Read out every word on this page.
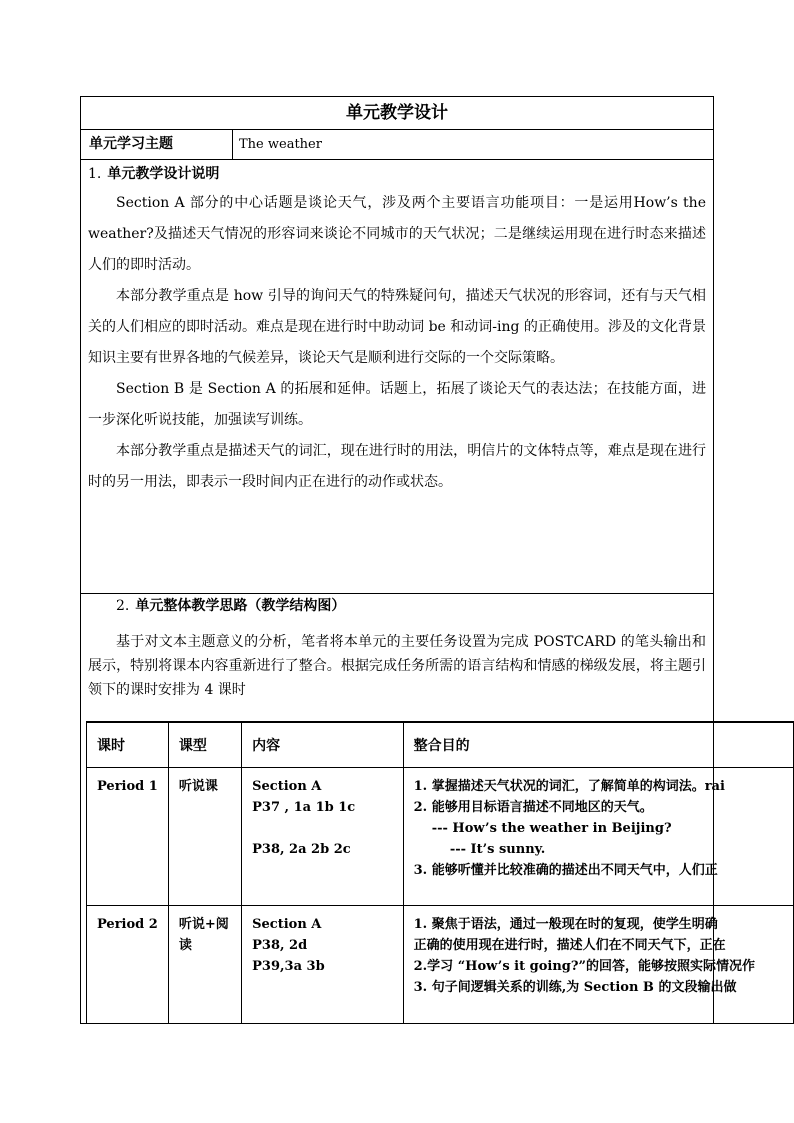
单元教学设计
单元学习主题	The weather
1. 单元教学设计说明

Section A 部分的中心话题是谈论天气，涉及两个主要语言功能项目：一是运用How’s the weather?及描述天气情况的形容词来谈论不同城市的天气状况；二是继续运用现在进行时态来描述人们的即时活动。

本部分教学重点是 how 引导的询问天气的特殊疑问句，描述天气状况的形容词，还有与天气相关的人们相应的即时活动。难点是现在进行时中助动词 be 和动词-ing 的正确使用。涉及的文化背景知识主要有世界各地的气候差异，谈论天气是顺利进行交际的一个交际策略。

Section B 是 Section A 的拓展和延伸。话题上，拓展了谈论天气的表达法；在技能方面，进一步深化听说技能，加强读写训练。

本部分教学重点是描述天气的词汇，现在进行时的用法，明信片的文体特点等，难点是现在进行时的另一用法，即表示一段时间内正在进行的动作或状态。

2. 单元整体教学思路（教学结构图）

基于对文本主题意义的分析，笔者将本单元的主要任务设置为完成 POSTCARD 的笔头输出和展示，特别将课本内容重新进行了整合。根据完成任务所需的语言结构和情感的梯级发展，将主题引领下的课时安排为 4 课时

课时	课型	内容	整合目的

Period 1	听说课	Section A
P37 , 1a 1b 1c

P38, 2a 2b 2c	1. 掌握描述天气状况的词汇，了解简单的构词法。rai
2. 能够用目标语言描述不同地区的天气。
--- How’s the weather in Beijing?
--- It’s sunny.
3. 能够听懂并比较准确的描述出不同天气中，人们正

Period 2	听说+阅读	Section A
P38, 2d
P39,3a 3b	1. 聚焦于语法，通过一般现在时的复现，使学生明确
正确的使用现在进行时，描述人们在不同天气下，正在
2.学习 “How’s it going?”的回答，能够按照实际情况作
3. 句子间逻辑关系的训练,为 Section B 的文段输出做
